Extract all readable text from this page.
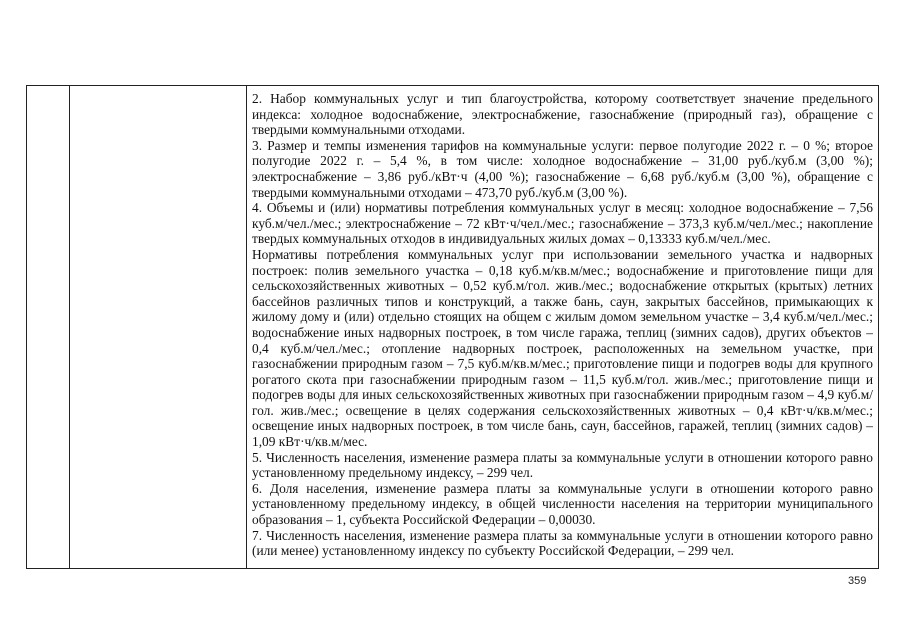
2. Набор коммунальных услуг и тип благоустройства, которому соответствует значение предельного индекса: холодное водоснабжение, электроснабжение, газоснабжение (природный газ), обращение с твердыми коммунальными отходами.

3. Размер и темпы изменения тарифов на коммунальные услуги: первое полугодие 2022 г. – 0 %; второе полугодие 2022 г. – 5,4 %, в том числе: холодное водоснабжение – 31,00 руб./куб.м (3,00 %); электроснабжение – 3,86 руб./кВт·ч (4,00 %); газоснабжение – 6,68 руб./куб.м (3,00 %), обращение с твердыми коммунальными отходами – 473,70 руб./куб.м (3,00 %).

4. Объемы и (или) нормативы потребления коммунальных услуг в месяц: холодное водоснабжение – 7,56 куб.м/чел./мес.; электроснабжение – 72 кВт·ч/чел./мес.; газоснабжение – 373,3 куб.м/чел./мес.; накопление твердых коммунальных отходов в индивидуальных жилых домах – 0,13333 куб.м/чел./мес.

Нормативы потребления коммунальных услуг при использовании земельного участка и надворных построек: полив земельного участка – 0,18 куб.м/кв.м/мес.; водоснабжение и приготовление пищи для сельскохозяйственных животных – 0,52 куб.м/гол. жив./мес.; водоснабжение открытых (крытых) летних бассейнов различных типов и конструкций, а также бань, саун, закрытых бассейнов, примыкающих к жилому дому и (или) отдельно стоящих на общем с жилым домом земельном участке – 3,4 куб.м/чел./мес.; водоснабжение иных надворных построек, в том числе гаража, теплиц (зимних садов), других объектов – 0,4 куб.м/чел./мес.; отопление надворных построек, расположенных на земельном участке, при газоснабжении природным газом – 7,5 куб.м/кв.м/мес.; приготовление пищи и подогрев воды для крупного рогатого скота при газоснабжении природным газом – 11,5 куб.м/гол. жив./мес.; приготовление пищи и подогрев воды для иных сельскохозяйственных животных при газоснабжении природным газом – 4,9 куб.м/гол. жив./мес.; освещение в целях содержания сельскохозяйственных животных – 0,4 кВт·ч/кв.м/мес.; освещение иных надворных построек, в том числе бань, саун, бассейнов, гаражей, теплиц (зимних садов) – 1,09 кВт·ч/кв.м/мес.

5. Численность населения, изменение размера платы за коммунальные услуги в отношении которого равно установленному предельному индексу, – 299 чел.

6. Доля населения, изменение размера платы за коммунальные услуги в отношении которого равно установленному предельному индексу, в общей численности населения на территории муниципального образования – 1, субъекта Российской Федерации – 0,00030.

7. Численность населения, изменение размера платы за коммунальные услуги в отношении которого равно (или менее) установленному индексу по субъекту Российской Федерации, – 299 чел.

359
